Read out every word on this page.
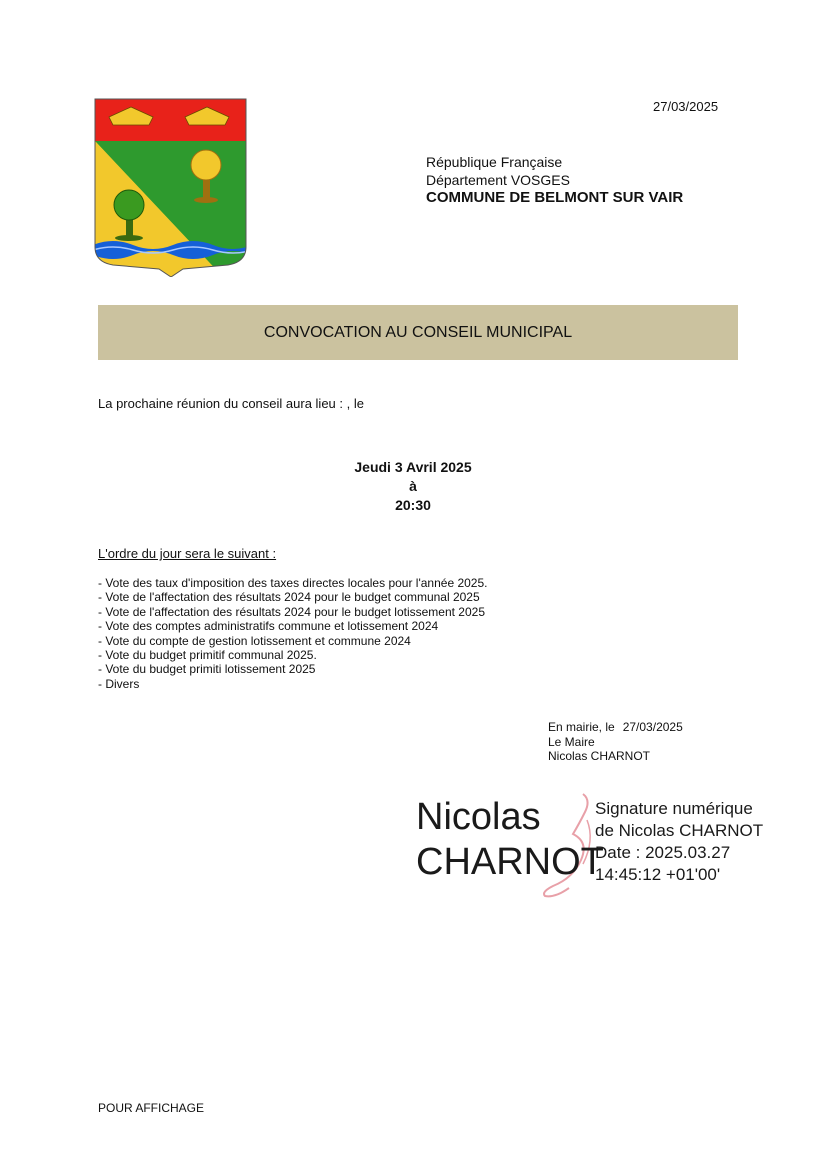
27/03/2025
République Française
Département VOSGES
COMMUNE DE BELMONT SUR VAIR
CONVOCATION AU CONSEIL MUNICIPAL
La prochaine réunion du conseil aura lieu : , le
Jeudi 3 Avril 2025
à
20:30
L'ordre du jour sera le suivant :
- Vote des taux d'imposition des taxes directes locales pour l'année 2025.
- Vote de l'affectation des résultats 2024 pour le budget communal 2025
- Vote de l'affectation des résultats 2024 pour le budget lotissement 2025
- Vote des comptes administratifs commune et lotissement 2024
- Vote du compte de gestion lotissement et commune 2024
- Vote du budget primitif communal 2025.
- Vote du budget primiti lotissement 2025
- Divers
En mairie, le 27/03/2025
Le Maire
Nicolas CHARNOT
Nicolas
CHARNOT
Signature numérique
de Nicolas CHARNOT
Date : 2025.03.27
14:45:12 +01'00'
POUR AFFICHAGE
